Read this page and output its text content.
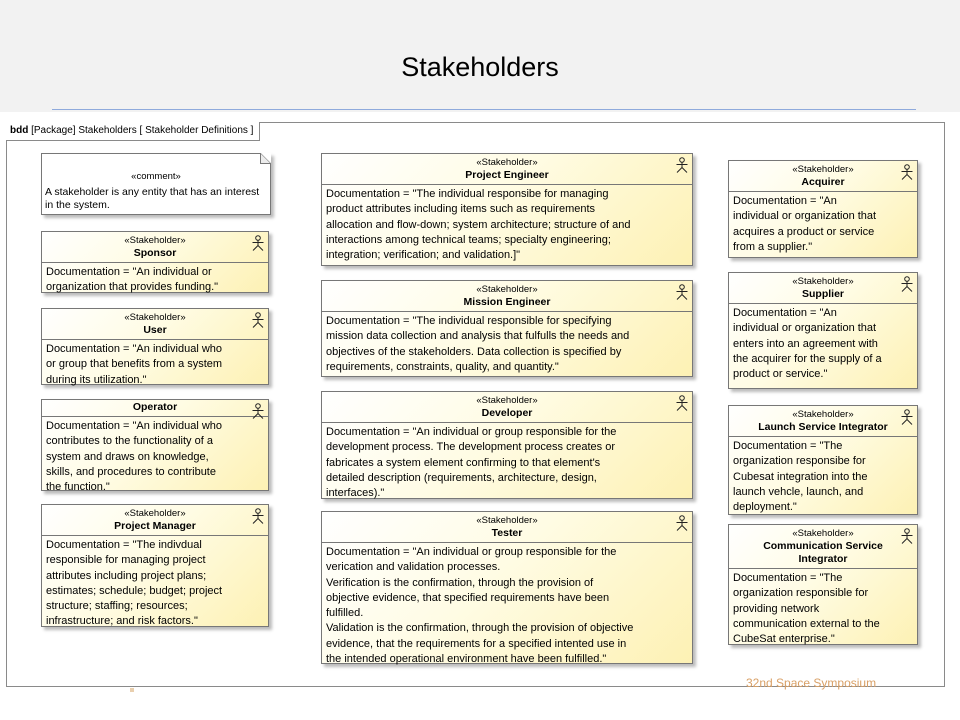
Stakeholders
bdd [Package] Stakeholders [ Stakeholder Definitions ]
«comment»
A stakeholder is any entity that has an interest in the system.
«Stakeholder»
Sponsor
Documentation = "An individual or
organization that provides funding."
«Stakeholder»
User
Documentation = "An individual who
or group that benefits from a system
during its utilization."
Operator
Documentation = "An individual who
contributes to the functionality of a
system and draws on knowledge,
skills, and procedures to contribute
the function."
«Stakeholder»
Project Manager
Documentation = "The indivdual
responsible for managing project
attributes including project plans;
estimates; schedule; budget; project
structure; staffing; resources;
infrastructure; and risk factors."
«Stakeholder»
Project Engineer
Documentation = "The individual responsibe for managing
product attributes including items such as requirements
allocation and flow-down; system architecture; structure of and
interactions among technical teams; specialty engineering;
integration; verification; and validation.]"
«Stakeholder»
Mission Engineer
Documentation = "The individual responsible for specifying
mission data collection and analysis that fulfulls the needs and
objectives of the stakeholders. Data collection is specified by
requirements, constraints, quality, and quantity."
«Stakeholder»
Developer
Documentation = "An individual or group responsible for the
development process. The development process creates or
fabricates a system element confirming to that element's
detailed description (requirements, architecture, design,
interfaces)."
«Stakeholder»
Tester
Documentation = "An individual or group responsible for the
verication and validation processes.
Verification is the confirmation, through the provision of
objective evidence, that specified requirements have been
fulfilled.
Validation is the confirmation, through the provision of objective
evidence, that the requirements for a specified intented use in
the intended operational environment have been fulfilled."
«Stakeholder»
Acquirer
Documentation = "An
individual or organization that
acquires a product or service
from a supplier."
«Stakeholder»
Supplier
Documentation = "An
individual or organization that
enters into an agreement with
the acquirer for the supply of a
product or service."
«Stakeholder»
Launch Service Integrator
Documentation = "The
organization responsibe for
Cubesat integration into the
launch vehcle, launch, and
deployment."
«Stakeholder»
Communication Service Integrator
Documentation = "The
organization responsible for
providing network
communication external to the
CubeSat enterprise."
32nd Space Symposium
